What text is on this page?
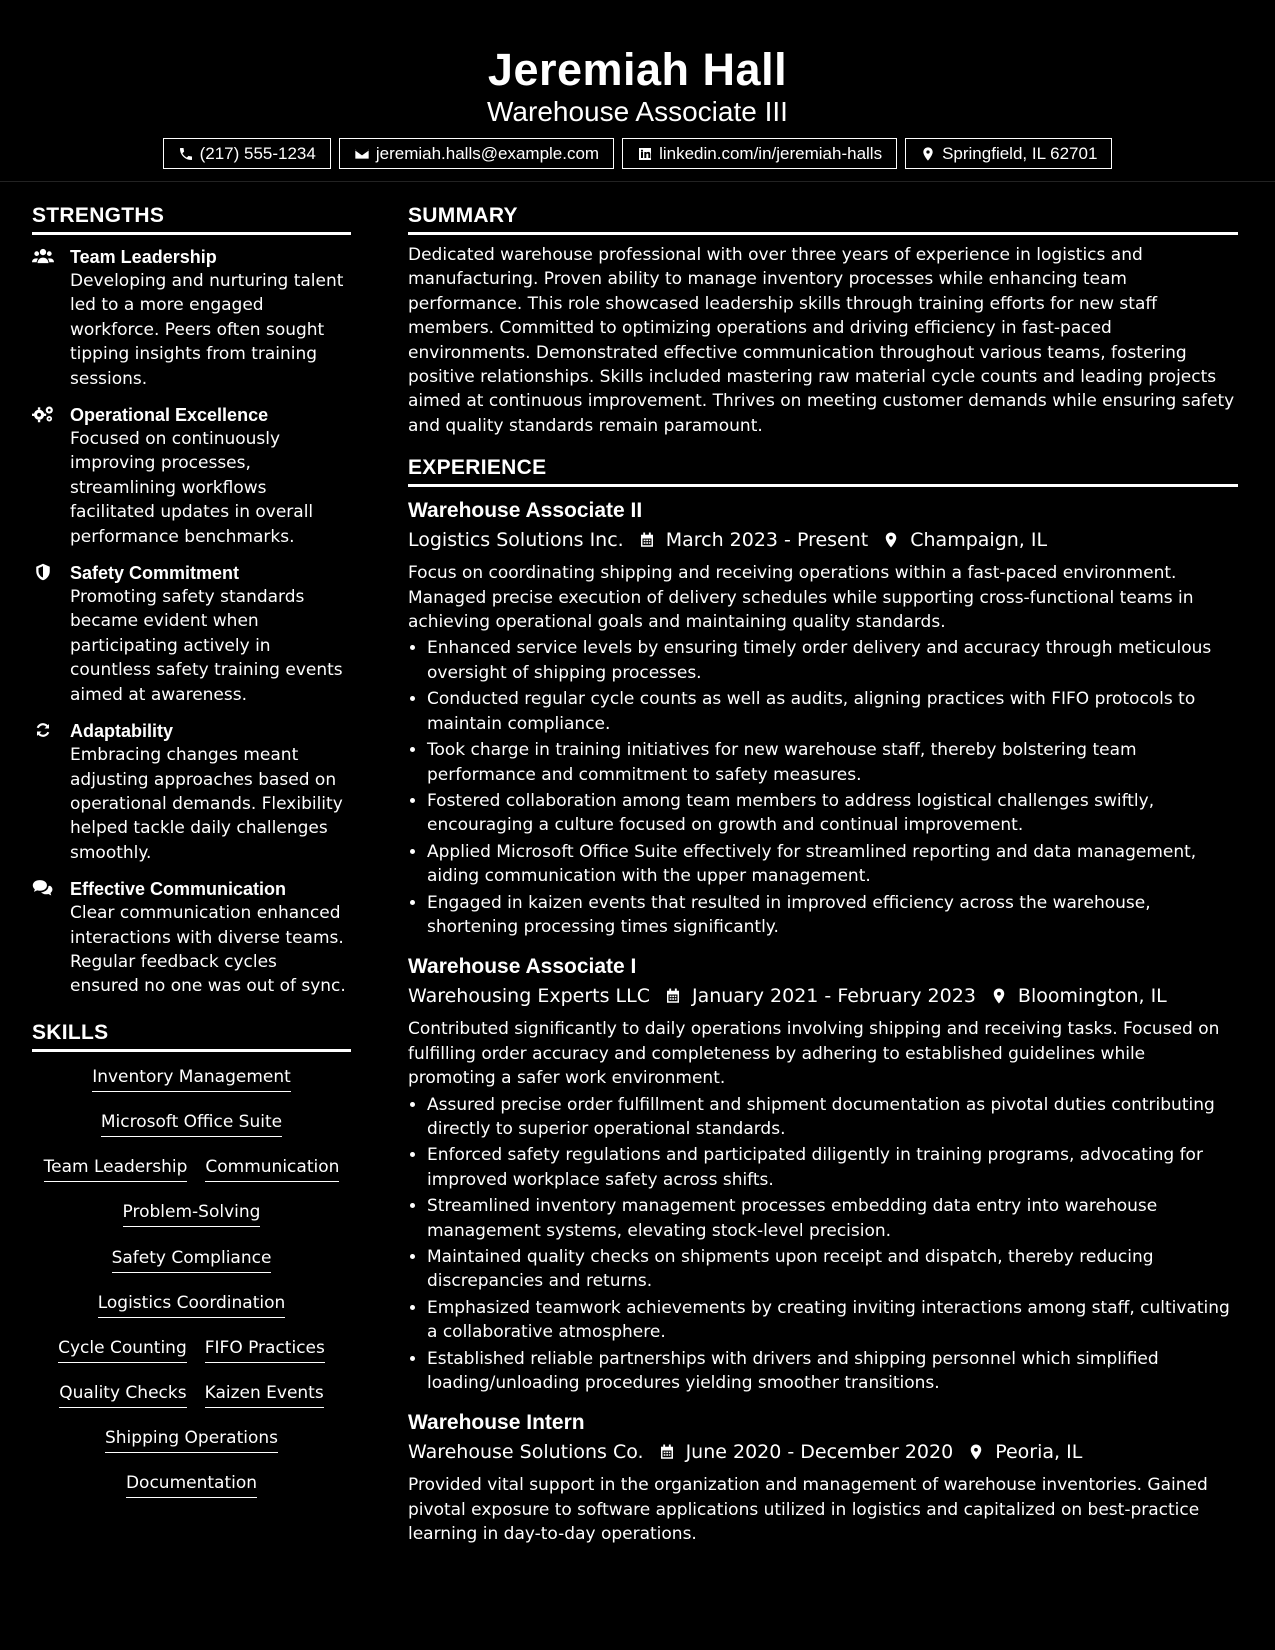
Jeremiah Hall
Warehouse Associate III
(217) 555-1234	jeremiah.halls@example.com	linkedin.com/in/jeremiah-halls	Springfield, IL 62701
STRENGTHS
Team Leadership
Developing and nurturing talent led to a more engaged workforce. Peers often sought tipping insights from training sessions.
Operational Excellence
Focused on continuously improving processes, streamlining workflows facilitated updates in overall performance benchmarks.
Safety Commitment
Promoting safety standards became evident when participating actively in countless safety training events aimed at awareness.
Adaptability
Embracing changes meant adjusting approaches based on operational demands. Flexibility helped tackle daily challenges smoothly.
Effective Communication
Clear communication enhanced interactions with diverse teams. Regular feedback cycles ensured no one was out of sync.
SKILLS
Inventory Management
Microsoft Office Suite
Team Leadership Communication
Problem-Solving
Safety Compliance
Logistics Coordination
Cycle Counting FIFO Practices
Quality Checks Kaizen Events
Shipping Operations
Documentation
SUMMARY
Dedicated warehouse professional with over three years of experience in logistics and manufacturing. Proven ability to manage inventory processes while enhancing team performance. This role showcased leadership skills through training efforts for new staff members. Committed to optimizing operations and driving efficiency in fast-paced environments. Demonstrated effective communication throughout various teams, fostering positive relationships. Skills included mastering raw material cycle counts and leading projects aimed at continuous improvement. Thrives on meeting customer demands while ensuring safety and quality standards remain paramount.
EXPERIENCE
Warehouse Associate II
Logistics Solutions Inc. March 2023 - Present Champaign, IL
Focus on coordinating shipping and receiving operations within a fast-paced environment. Managed precise execution of delivery schedules while supporting cross-functional teams in achieving operational goals and maintaining quality standards.
• Enhanced service levels by ensuring timely order delivery and accuracy through meticulous oversight of shipping processes.
• Conducted regular cycle counts as well as audits, aligning practices with FIFO protocols to maintain compliance.
• Took charge in training initiatives for new warehouse staff, thereby bolstering team performance and commitment to safety measures.
• Fostered collaboration among team members to address logistical challenges swiftly, encouraging a culture focused on growth and continual improvement.
• Applied Microsoft Office Suite effectively for streamlined reporting and data management, aiding communication with the upper management.
• Engaged in kaizen events that resulted in improved efficiency across the warehouse, shortening processing times significantly.
Warehouse Associate I
Warehousing Experts LLC January 2021 - February 2023 Bloomington, IL
Contributed significantly to daily operations involving shipping and receiving tasks. Focused on fulfilling order accuracy and completeness by adhering to established guidelines while promoting a safer work environment.
• Assured precise order fulfillment and shipment documentation as pivotal duties contributing directly to superior operational standards.
• Enforced safety regulations and participated diligently in training programs, advocating for improved workplace safety across shifts.
• Streamlined inventory management processes embedding data entry into warehouse management systems, elevating stock-level precision.
• Maintained quality checks on shipments upon receipt and dispatch, thereby reducing discrepancies and returns.
• Emphasized teamwork achievements by creating inviting interactions among staff, cultivating a collaborative atmosphere.
• Established reliable partnerships with drivers and shipping personnel which simplified loading/unloading procedures yielding smoother transitions.
Warehouse Intern
Warehouse Solutions Co. June 2020 - December 2020 Peoria, IL
Provided vital support in the organization and management of warehouse inventories. Gained pivotal exposure to software applications utilized in logistics and capitalized on best-practice learning in day-to-day operations.
